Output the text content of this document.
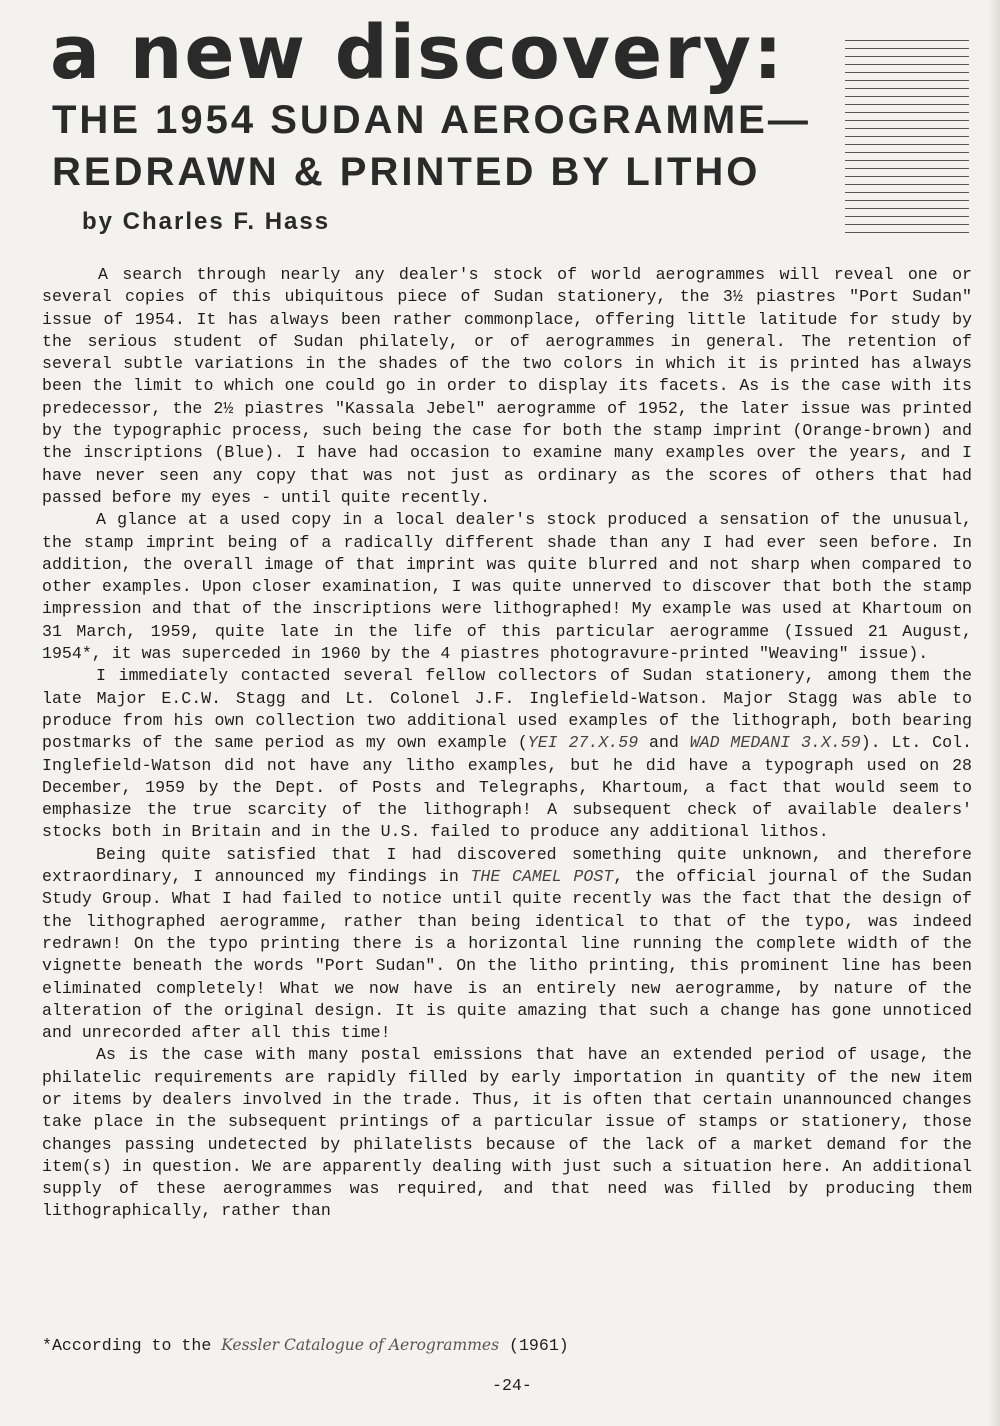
a new discovery:
THE 1954 SUDAN AEROGRAMME—
REDRAWN & PRINTED BY LITHO
by Charles F. Hass

A search through nearly any dealer's stock of world aerogrammes will reveal one or several copies of this ubiquitous piece of Sudan stationery, the 3½ piastres "Port Sudan" issue of 1954. It has always been rather commonplace, offering little latitude for study by the serious student of Sudan philately, or of aerogrammes in general. The retention of several subtle variations in the shades of the two colors in which it is printed has always been the limit to which one could go in order to display its facets. As is the case with its predecessor, the 2½ piastres "Kassala Jebel" aerogramme of 1952, the later issue was printed by the typographic process, such being the case for both the stamp imprint (Orange-brown) and the inscriptions (Blue). I have had occasion to examine many examples over the years, and I have never seen any copy that was not just as ordinary as the scores of others that had passed before my eyes - until quite recently.

A glance at a used copy in a local dealer's stock produced a sensation of the unusual, the stamp imprint being of a radically different shade than any I had ever seen before. In addition, the overall image of that imprint was quite blurred and not sharp when compared to other examples. Upon closer examination, I was quite unnerved to discover that both the stamp impression and that of the inscriptions were lithographed! My example was used at Khartoum on 31 March, 1959, quite late in the life of this particular aerogramme (Issued 21 August, 1954*, it was superceded in 1960 by the 4 piastres photogravure-printed "Weaving" issue).

I immediately contacted several fellow collectors of Sudan stationery, among them the late Major E.C.W. Stagg and Lt. Colonel J.F. Inglefield-Watson. Major Stagg was able to produce from his own collection two additional used examples of the lithograph, both bearing postmarks of the same period as my own example (YEI 27.X.59 and WAD MEDANI 3.X.59). Lt. Col. Inglefield-Watson did not have any litho examples, but he did have a typograph used on 28 December, 1959 by the Dept. of Posts and Telegraphs, Khartoum, a fact that would seem to emphasize the true scarcity of the lithograph! A subsequent check of available dealers' stocks both in Britain and in the U.S. failed to produce any additional lithos.

Being quite satisfied that I had discovered something quite unknown, and therefore extraordinary, I announced my findings in THE CAMEL POST, the official journal of the Sudan Study Group. What I had failed to notice until quite recently was the fact that the design of the lithographed aerogramme, rather than being identical to that of the typo, was indeed redrawn! On the typo printing there is a horizontal line running the complete width of the vignette beneath the words "Port Sudan". On the litho printing, this prominent line has been eliminated completely! What we now have is an entirely new aerogramme, by nature of the alteration of the original design. It is quite amazing that such a change has gone unnoticed and unrecorded after all this time!

As is the case with many postal emissions that have an extended period of usage, the philatelic requirements are rapidly filled by early importation in quantity of the new item or items by dealers involved in the trade. Thus, it is often that certain unannounced changes take place in the subsequent printings of a particular issue of stamps or stationery, those changes passing undetected by philatelists because of the lack of a market demand for the item(s) in question. We are apparently dealing with just such a situation here. An additional supply of these aerogrammes was required, and that need was filled by producing them lithographically, rather than

*According to the Kessler Catalogue of Aerogrammes (1961)
-24-
